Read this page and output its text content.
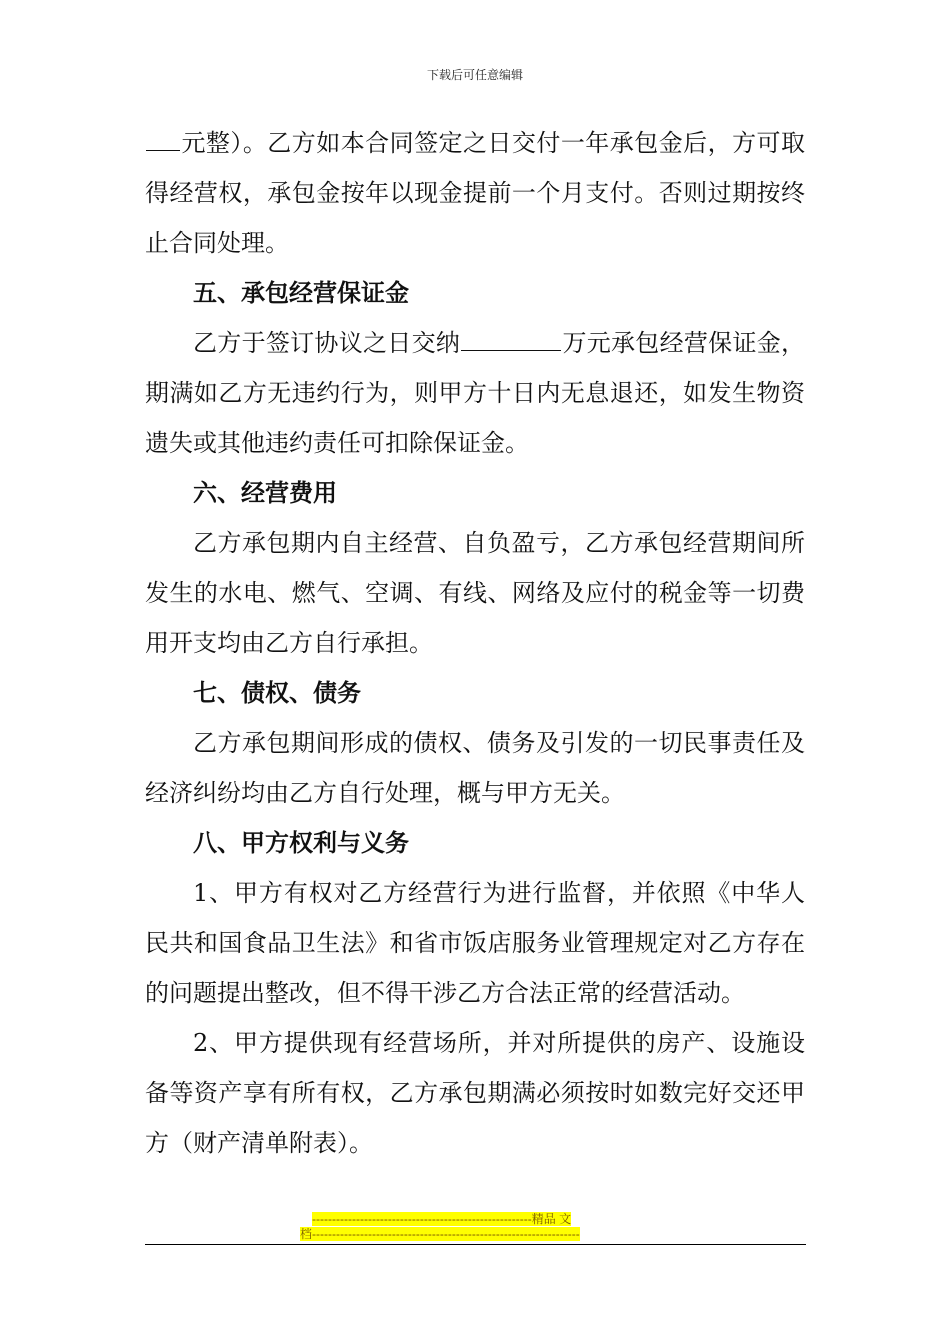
下载后可任意编辑

元整）。乙方如本合同签定之日交付一年承包金后，方可取得经营权，承包金按年以现金提前一个月支付。否则过期按终止合同处理。

五、承包经营保证金

乙方于签订协议之日交纳	万元承包经营保证金，期满如乙方无违约行为，则甲方十日内无息退还，如发生物资遗失或其他违约责任可扣除保证金。

六、经营费用

乙方承包期内自主经营、自负盈亏，乙方承包经营期间所发生的水电、燃气、空调、有线、网络及应付的税金等一切费用开支均由乙方自行承担。

七、债权、债务

乙方承包期间形成的债权、债务及引发的一切民事责任及经济纠纷均由乙方自行处理，概与甲方无关。

八、甲方权利与义务

1、甲方有权对乙方经营行为进行监督，并依照《中华人民共和国食品卫生法》和省市饭店服务业管理规定对乙方存在的问题提出整改，但不得干涉乙方合法正常的经营活动。

2、甲方提供现有经营场所，并对所提供的房产、设施设备等资产享有所有权，乙方承包期满必须按时如数完好交还甲方（财产清单附表）。

-------------------------------------------------------精品 文
档-------------------------------------------------------------------
